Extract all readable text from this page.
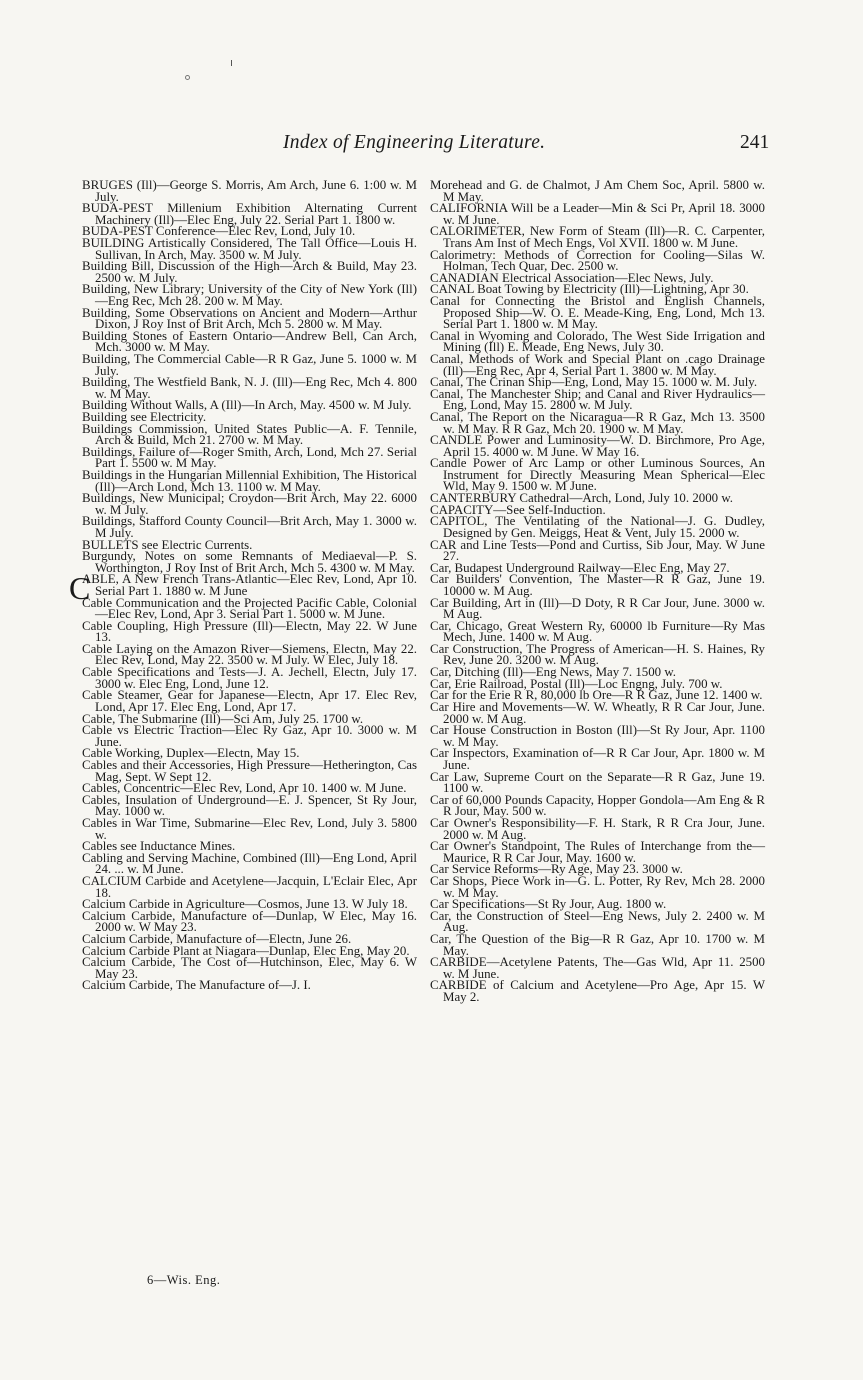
Index of Engineering Literature.	241

BRUGES (Ill)—George S. Morris, Am Arch, June 6. 1:00 w. M July.

BUDA-PEST Millenium Exhibition Alternating Current Machinery (Ill)—Elec Eng, July 22. Serial Part 1. 1800 w.

BUDA-PEST Conference—Elec Rev, Lond, July 10.

BUILDING Artistically Considered, The Tall Office—Louis H. Sullivan, In Arch, May. 3500 w. M July.

Building Bill, Discussion of the High—Arch & Build, May 23. 2500 w. M July.

Building, New Library; University of the City of New York (Ill)—Eng Rec, Mch 28. 200 w. M May.

Building, Some Observations on Ancient and Modern—Arthur Dixon, J Roy Inst of Brit Arch, Mch 5. 2800 w. M May.

Building Stones of Eastern Ontario—Andrew Bell, Can Arch, Mch. 3000 w. M May.

Building, The Commercial Cable—R R Gaz, June 5. 1000 w. M July.

Building, The Westfield Bank, N. J. (Ill)—Eng Rec, Mch 4. 800 w. M May.

Building Without Walls, A (Ill)—In Arch, May. 4500 w. M July.

Building see Electricity.

Buildings Commission, United States Public—A. F. Tennile, Arch & Build, Mch 21. 2700 w. M May.

Buildings, Failure of—Roger Smith, Arch, Lond, Mch 27. Serial Part 1. 5500 w. M May.

Buildings in the Hungarian Millennial Exhibition, The Historical (Ill)—Arch Lond, Mch 13. 1100 w. M May.

Buildings, New Municipal; Croydon—Brit Arch, May 22. 6000 w. M July.

Buildings, Stafford County Council—Brit Arch, May 1. 3000 w. M July.

BULLETS see Electric Currents.

Burgundy, Notes on some Remnants of Mediaeval—P. S. Worthington, J Roy Inst of Brit Arch, Mch 5. 4300 w. M May.

CABLE, A New French Trans-Atlantic—Elec Rev, Lond, Apr 10. Serial Part 1. 1880 w. M June

Cable Communication and the Projected Pacific Cable, Colonial—Elec Rev, Lond, Apr 3. Serial Part 1. 5000 w. M June.

Cable Coupling, High Pressure (Ill)—Electn, May 22. W June 13.

Cable Laying on the Amazon River—Siemens, Electn, May 22. Elec Rev, Lond, May 22. 3500 w. M July. W Elec, July 18.

Cable Specifications and Tests—J. A. Jechell, Electn, July 17. 3000 w. Elec Eng, Lond, June 12.

Cable Steamer, Gear for Japanese—Electn, Apr 17. Elec Rev, Lond, Apr 17. Elec Eng, Lond, Apr 17.

Cable, The Submarine (Ill)—Sci Am, July 25. 1700 w.

Cable vs Electric Traction—Elec Ry Gaz, Apr 10. 3000 w. M June.

Cable Working, Duplex—Electn, May 15.

Cables and their Accessories, High Pressure—Hetherington, Cas Mag, Sept. W Sept 12.

Cables, Concentric—Elec Rev, Lond, Apr 10. 1400 w. M June.

Cables, Insulation of Underground—E. J. Spencer, St Ry Jour, May. 1000 w.

Cables in War Time, Submarine—Elec Rev, Lond, July 3. 5800 w.

Cables see Inductance Mines.

Cabling and Serving Machine, Combined (Ill)—Eng Lond, April 24. ... w. M June.

CALCIUM Carbide and Acetylene—Jacquin, L'Eclair Elec, Apr 18.

Calcium Carbide in Agriculture—Cosmos, June 13. W July 18.

Calcium Carbide, Manufacture of—Dunlap, W Elec, May 16. 2000 w. W May 23.

Calcium Carbide, Manufacture of—Electn, June 26.

Calcium Carbide Plant at Niagara—Dunlap, Elec Eng, May 20.

Calcium Carbide, The Cost of—Hutchinson, Elec, May 6. W May 23.

Calcium Carbide, The Manufacture of—J. I.

Morehead and G. de Chalmot, J Am Chem Soc, April. 5800 w. M May.

CALIFORNIA Will be a Leader—Min & Sci Pr, April 18. 3000 w. M June.

CALORIMETER, New Form of Steam (Ill)—R. C. Carpenter, Trans Am Inst of Mech Engs, Vol XVII. 1800 w. M June.

Calorimetry: Methods of Correction for Cooling—Silas W. Holman, Tech Quar, Dec. 2500 w.

CANADIAN Electrical Association—Elec News, July.

CANAL Boat Towing by Electricity (Ill)—Lightning, Apr 30.

Canal for Connecting the Bristol and English Channels, Proposed Ship—W. O. E. Meade-King, Eng, Lond, Mch 13. Serial Part 1. 1800 w. M May.

Canal in Wyoming and Colorado, The West Side Irrigation and Mining (Ill) E. Meade, Eng News, July 30.

Canal, Methods of Work and Special Plant on .cago Drainage (Ill)—Eng Rec, Apr 4, Serial Part 1. 3800 w. M May.

Canal, The Crinan Ship—Eng, Lond, May 15. 1000 w. M. July.

Canal, The Manchester Ship; and Canal and River Hydraulics—Eng, Lond, May 15. 2800 w. M July.

Canal, The Report on the Nicaragua—R R Gaz, Mch 13. 3500 w. M May. R R Gaz, Mch 20. 1900 w. M May.

CANDLE Power and Luminosity—W. D. Birchmore, Pro Age, April 15. 4000 w. M June. W May 16.

Candle Power of Arc Lamp or other Luminous Sources, An Instrument for Directly Measuring Mean Spherical—Elec Wld, May 9. 1500 w. M June.

CANTERBURY Cathedral—Arch, Lond, July 10. 2000 w.

CAPACITY—See Self-Induction.

CAPITOL, The Ventilating of the National—J. G. Dudley, Designed by Gen. Meiggs, Heat & Vent, July 15. 2000 w.

CAR and Line Tests—Pond and Curtiss, Sib Jour, May. W June 27.

Car, Budapest Underground Railway—Elec Eng, May 27.

Car Builders' Convention, The Master—R R Gaz, June 19. 10000 w. M Aug.

Car Building, Art in (Ill)—D Doty, R R Car Jour, June. 3000 w. M Aug.

Car, Chicago, Great Western Ry, 60000 lb Furniture—Ry Mas Mech, June. 1400 w. M Aug.

Car Construction, The Progress of American—H. S. Haines, Ry Rev, June 20. 3200 w. M Aug.

Car, Ditching (Ill)—Eng News, May 7. 1500 w.

Car, Erie Railroad, Postal (Ill)—Loc Engng, July. 700 w.

Car for the Erie R R, 80,000 lb Ore—R R Gaz, June 12. 1400 w.

Car Hire and Movements—W. W. Wheatly, R R Car Jour, June. 2000 w. M Aug.

Car House Construction in Boston (Ill)—St Ry Jour, Apr. 1100 w. M May.

Car Inspectors, Examination of—R R Car Jour, Apr. 1800 w. M June.

Car Law, Supreme Court on the Separate—R R Gaz, June 19. 1100 w.

Car of 60,000 Pounds Capacity, Hopper Gondola—Am Eng & R R Jour, May. 500 w.

Car Owner's Responsibility—F. H. Stark, R R Cra Jour, June. 2000 w. M Aug.

Car Owner's Standpoint, The Rules of Interchange from the—Maurice, R R Car Jour, May. 1600 w.

Car Service Reforms—Ry Age, May 23. 3000 w.

Car Shops, Piece Work in—G. L. Potter, Ry Rev, Mch 28. 2000 w. M May.

Car Specifications—St Ry Jour, Aug. 1800 w.

Car, the Construction of Steel—Eng News, July 2. 2400 w. M Aug.

Car, The Question of the Big—R R Gaz, Apr 10. 1700 w. M May.

CARBIDE—Acetylene Patents, The—Gas Wld, Apr 11. 2500 w. M June.

CARBIDE of Calcium and Acetylene—Pro Age, Apr 15. W May 2.

6—Wis. Eng.
